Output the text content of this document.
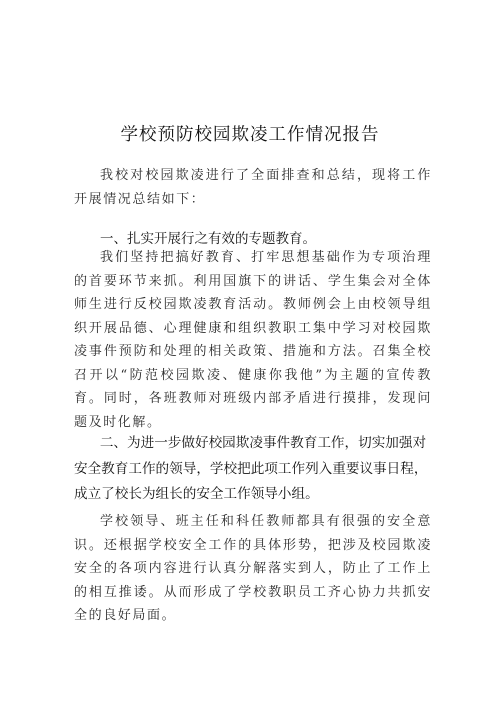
学校预防校园欺凌工作情况报告

我校对校园欺凌进行了全面排查和总结，现将工作开展情况总结如下：

一、扎实开展行之有效的专题教育。

我们坚持把搞好教育、打牢思想基础作为专项治理的首要环节来抓。利用国旗下的讲话、学生集会对全体师生进行反校园欺凌教育活动。教师例会上由校领导组织开展品德、心理健康和组织教职工集中学习对校园欺凌事件预防和处理的相关政策、措施和方法。召集全校召开以“防范校园欺凌、健康你我他”为主题的宣传教育。同时，各班教师对班级内部矛盾进行摸排，发现问题及时化解。

二、为进一步做好校园欺凌事件教育工作，切实加强对安全教育工作的领导，学校把此项工作列入重要议事日程，成立了校长为组长的安全工作领导小组。

学校领导、班主任和科任教师都具有很强的安全意识。还根据学校安全工作的具体形势，把涉及校园欺凌安全的各项内容进行认真分解落实到人，防止了工作上的相互推诿。从而形成了学校教职员工齐心协力共抓安全的良好局面。
